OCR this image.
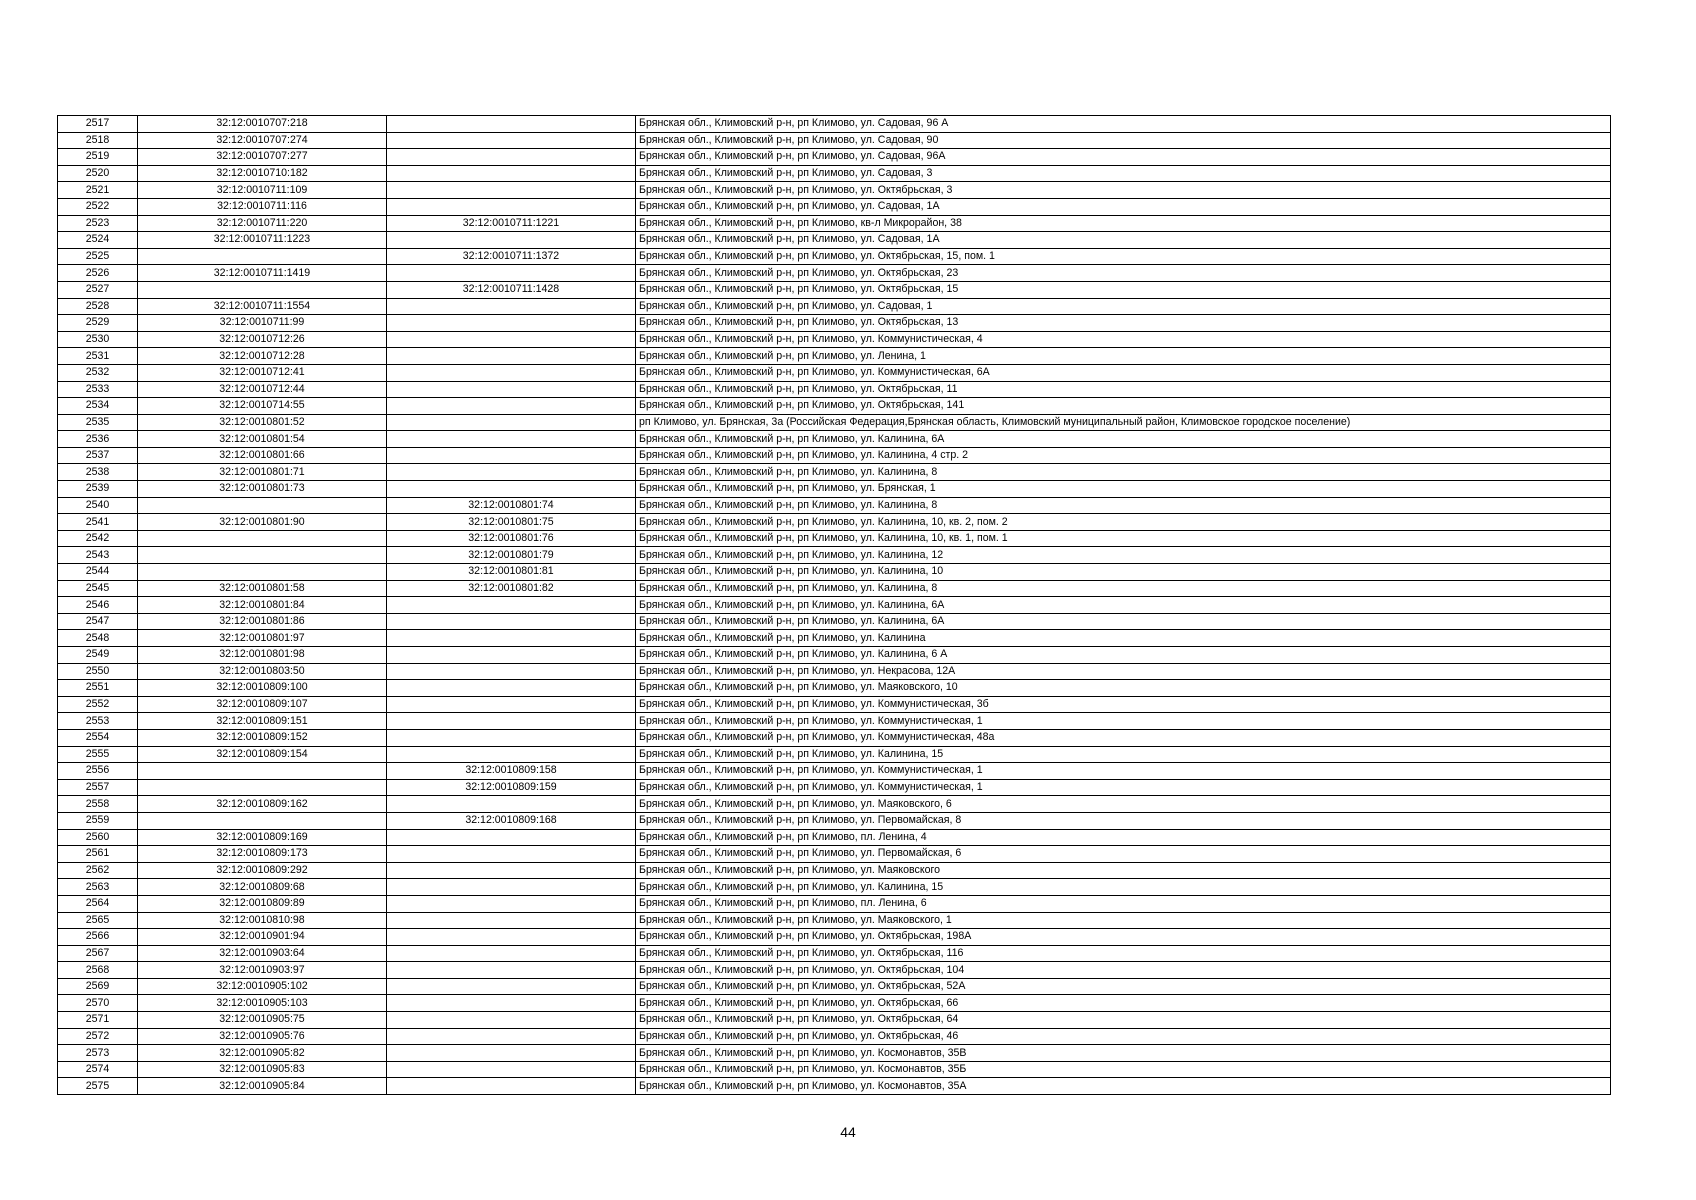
2517	32:12:0010707:218		Брянская обл., Климовский р-н, рп Климово, ул. Садовая, 96 А
2518	32:12:0010707:274		Брянская обл., Климовский р-н, рп Климово, ул. Садовая, 90
2519	32:12:0010707:277		Брянская обл., Климовский р-н, рп Климово, ул. Садовая, 96А
2520	32:12:0010710:182		Брянская обл., Климовский р-н, рп Климово, ул. Садовая, 3
2521	32:12:0010711:109		Брянская обл., Климовский р-н, рп Климово, ул. Октябрьская, 3
2522	32:12:0010711:116		Брянская обл., Климовский р-н, рп Климово, ул. Садовая, 1А
2523	32:12:0010711:220	32:12:0010711:1221	Брянская обл., Климовский р-н, рп Климово, кв-л Микрорайон, 38
2524	32:12:0010711:1223		Брянская обл., Климовский р-н, рп Климово, ул. Садовая, 1А
2525		32:12:0010711:1372	Брянская обл., Климовский р-н, рп Климово, ул. Октябрьская, 15, пом. 1
2526	32:12:0010711:1419		Брянская обл., Климовский р-н, рп Климово, ул. Октябрьская, 23
2527		32:12:0010711:1428	Брянская обл., Климовский р-н, рп Климово, ул. Октябрьская, 15
2528	32:12:0010711:1554		Брянская обл., Климовский р-н, рп Климово, ул. Садовая, 1
2529	32:12:0010711:99		Брянская обл., Климовский р-н, рп Климово, ул. Октябрьская, 13
2530	32:12:0010712:26		Брянская обл., Климовский р-н, рп Климово, ул. Коммунистическая, 4
2531	32:12:0010712:28		Брянская обл., Климовский р-н, рп Климово, ул. Ленина, 1
2532	32:12:0010712:41		Брянская обл., Климовский р-н, рп Климово, ул. Коммунистическая, 6А
2533	32:12:0010712:44		Брянская обл., Климовский р-н, рп Климово, ул. Октябрьская, 11
2534	32:12:0010714:55		Брянская обл., Климовский р-н, рп Климово, ул. Октябрьская, 141
2535	32:12:0010801:52		рп Климово, ул. Брянская, 3а (Российская Федерация,Брянская область, Климовский муниципальный район, Климовское городское поселение)
2536	32:12:0010801:54		Брянская обл., Климовский р-н, рп Климово, ул. Калинина, 6А
2537	32:12:0010801:66		Брянская обл., Климовский р-н, рп Климово, ул. Калинина, 4 стр. 2
2538	32:12:0010801:71		Брянская обл., Климовский р-н, рп Климово, ул. Калинина, 8
2539	32:12:0010801:73		Брянская обл., Климовский р-н, рп Климово, ул. Брянская, 1
2540		32:12:0010801:74	Брянская обл., Климовский р-н, рп Климово, ул. Калинина, 8
2541	32:12:0010801:90	32:12:0010801:75	Брянская обл., Климовский р-н, рп Климово, ул. Калинина, 10, кв. 2, пом. 2
2542		32:12:0010801:76	Брянская обл., Климовский р-н, рп Климово, ул. Калинина, 10, кв. 1, пом. 1
2543		32:12:0010801:79	Брянская обл., Климовский р-н, рп Климово, ул. Калинина, 12
2544		32:12:0010801:81	Брянская обл., Климовский р-н, рп Климово, ул. Калинина, 10
2545	32:12:0010801:58	32:12:0010801:82	Брянская обл., Климовский р-н, рп Климово, ул. Калинина, 8
2546	32:12:0010801:84		Брянская обл., Климовский р-н, рп Климово, ул. Калинина, 6А
2547	32:12:0010801:86		Брянская обл., Климовский р-н, рп Климово, ул. Калинина, 6А
2548	32:12:0010801:97		Брянская обл., Климовский р-н, рп Климово, ул. Калинина
2549	32:12:0010801:98		Брянская обл., Климовский р-н, рп Климово, ул. Калинина, 6 А
2550	32:12:0010803:50		Брянская обл., Климовский р-н, рп Климово, ул. Некрасова, 12А
2551	32:12:0010809:100		Брянская обл., Климовский р-н, рп Климово, ул. Маяковского, 10
2552	32:12:0010809:107		Брянская обл., Климовский р-н, рп Климово, ул. Коммунистическая, 3б
2553	32:12:0010809:151		Брянская обл., Климовский р-н, рп Климово, ул. Коммунистическая, 1
2554	32:12:0010809:152		Брянская обл., Климовский р-н, рп Климово, ул. Коммунистическая, 48а
2555	32:12:0010809:154		Брянская обл., Климовский р-н, рп Климово, ул. Калинина, 15
2556		32:12:0010809:158	Брянская обл., Климовский р-н, рп Климово, ул. Коммунистическая, 1
2557		32:12:0010809:159	Брянская обл., Климовский р-н, рп Климово, ул. Коммунистическая, 1
2558	32:12:0010809:162		Брянская обл., Климовский р-н, рп Климово, ул. Маяковского, 6
2559		32:12:0010809:168	Брянская обл., Климовский р-н, рп Климово, ул. Первомайская, 8
2560	32:12:0010809:169		Брянская обл., Климовский р-н, рп Климово, пл. Ленина, 4
2561	32:12:0010809:173		Брянская обл., Климовский р-н, рп Климово, ул. Первомайская, 6
2562	32:12:0010809:292		Брянская обл., Климовский р-н, рп Климово, ул. Маяковского
2563	32:12:0010809:68		Брянская обл., Климовский р-н, рп Климово, ул. Калинина, 15
2564	32:12:0010809:89		Брянская обл., Климовский р-н, рп Климово, пл. Ленина, 6
2565	32:12:0010810:98		Брянская обл., Климовский р-н, рп Климово, ул. Маяковского, 1
2566	32:12:0010901:94		Брянская обл., Климовский р-н, рп Климово, ул. Октябрьская, 198А
2567	32:12:0010903:64		Брянская обл., Климовский р-н, рп Климово, ул. Октябрьская, 116
2568	32:12:0010903:97		Брянская обл., Климовский р-н, рп Климово, ул. Октябрьская, 104
2569	32:12:0010905:102		Брянская обл., Климовский р-н, рп Климово, ул. Октябрьская, 52А
2570	32:12:0010905:103		Брянская обл., Климовский р-н, рп Климово, ул. Октябрьская, 66
2571	32:12:0010905:75		Брянская обл., Климовский р-н, рп Климово, ул. Октябрьская, 64
2572	32:12:0010905:76		Брянская обл., Климовский р-н, рп Климово, ул. Октябрьская, 46
2573	32:12:0010905:82		Брянская обл., Климовский р-н, рп Климово, ул. Космонавтов, 35В
2574	32:12:0010905:83		Брянская обл., Климовский р-н, рп Климово, ул. Космонавтов, 35Б
2575	32:12:0010905:84		Брянская обл., Климовский р-н, рп Климово, ул. Космонавтов, 35А
44
